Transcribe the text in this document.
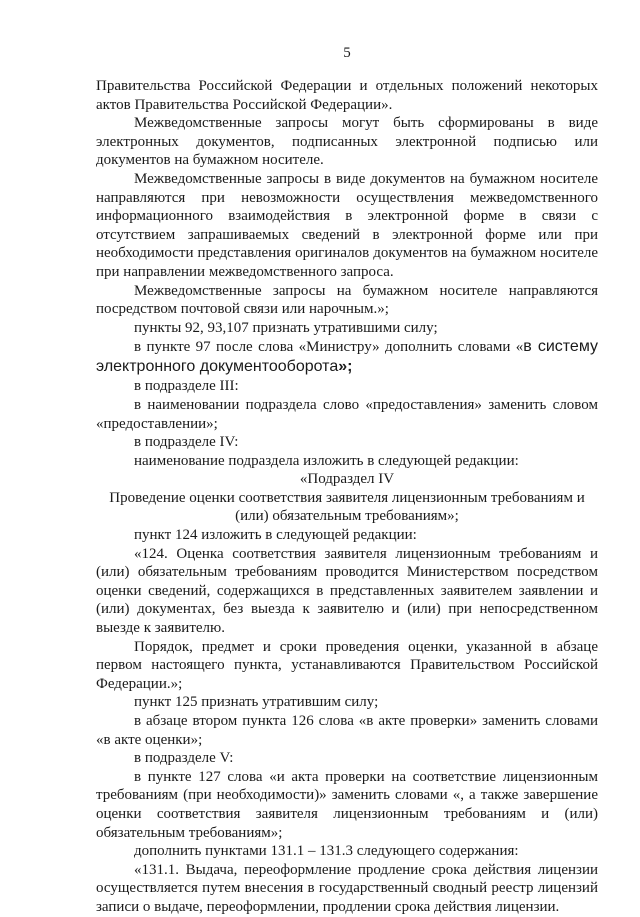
5

Правительства Российской Федерации и отдельных положений некоторых актов Правительства Российской Федерации».

Межведомственные запросы могут быть сформированы в виде электронных документов, подписанных электронной подписью или документов на бумажном носителе.

Межведомственные запросы в виде документов на бумажном носителе направляются при невозможности осуществления межведомственного информационного взаимодействия в электронной форме в связи с отсутствием запрашиваемых сведений в электронной форме или при необходимости представления оригиналов документов на бумажном носителе при направлении межведомственного запроса.

Межведомственные запросы на бумажном носителе направляются посредством почтовой связи или нарочным.»;

пункты 92, 93,107 признать утратившими силу;

в пункте 97 после слова «Министру» дополнить словами «в систему электронного документооборота»;

в подразделе III:

в наименовании подраздела слово «предоставления» заменить словом «предоставлении»;

в подразделе IV:

наименование подраздела изложить в следующей редакции:

«Подраздел IV

Проведение оценки соответствия заявителя лицензионным требованиям и (или) обязательным требованиям»;

пункт 124 изложить в следующей редакции:

«124. Оценка соответствия заявителя лицензионным требованиям и (или) обязательным требованиям проводится Министерством посредством оценки сведений, содержащихся в представленных заявителем заявлении и (или) документах, без выезда к заявителю и (или) при непосредственном выезде к заявителю.

Порядок, предмет и сроки проведения оценки, указанной в абзаце первом настоящего пункта, устанавливаются Правительством Российской Федерации.»;

пункт 125 признать утратившим силу;

в абзаце втором пункта 126 слова «в акте проверки» заменить словами «в акте оценки»;

в подразделе V:

в пункте 127 слова «и акта проверки на соответствие лицензионным требованиям (при необходимости)» заменить словами «, а также завершение оценки соответствия заявителя лицензионным требованиям и (или) обязательным требованиям»;

дополнить пунктами 131.1 – 131.3 следующего содержания:

«131.1. Выдача, переоформление продление срока действия лицензии осуществляется путем внесения в государственный сводный реестр лицензий записи о выдаче, переоформлении, продлении срока действия лицензии.
